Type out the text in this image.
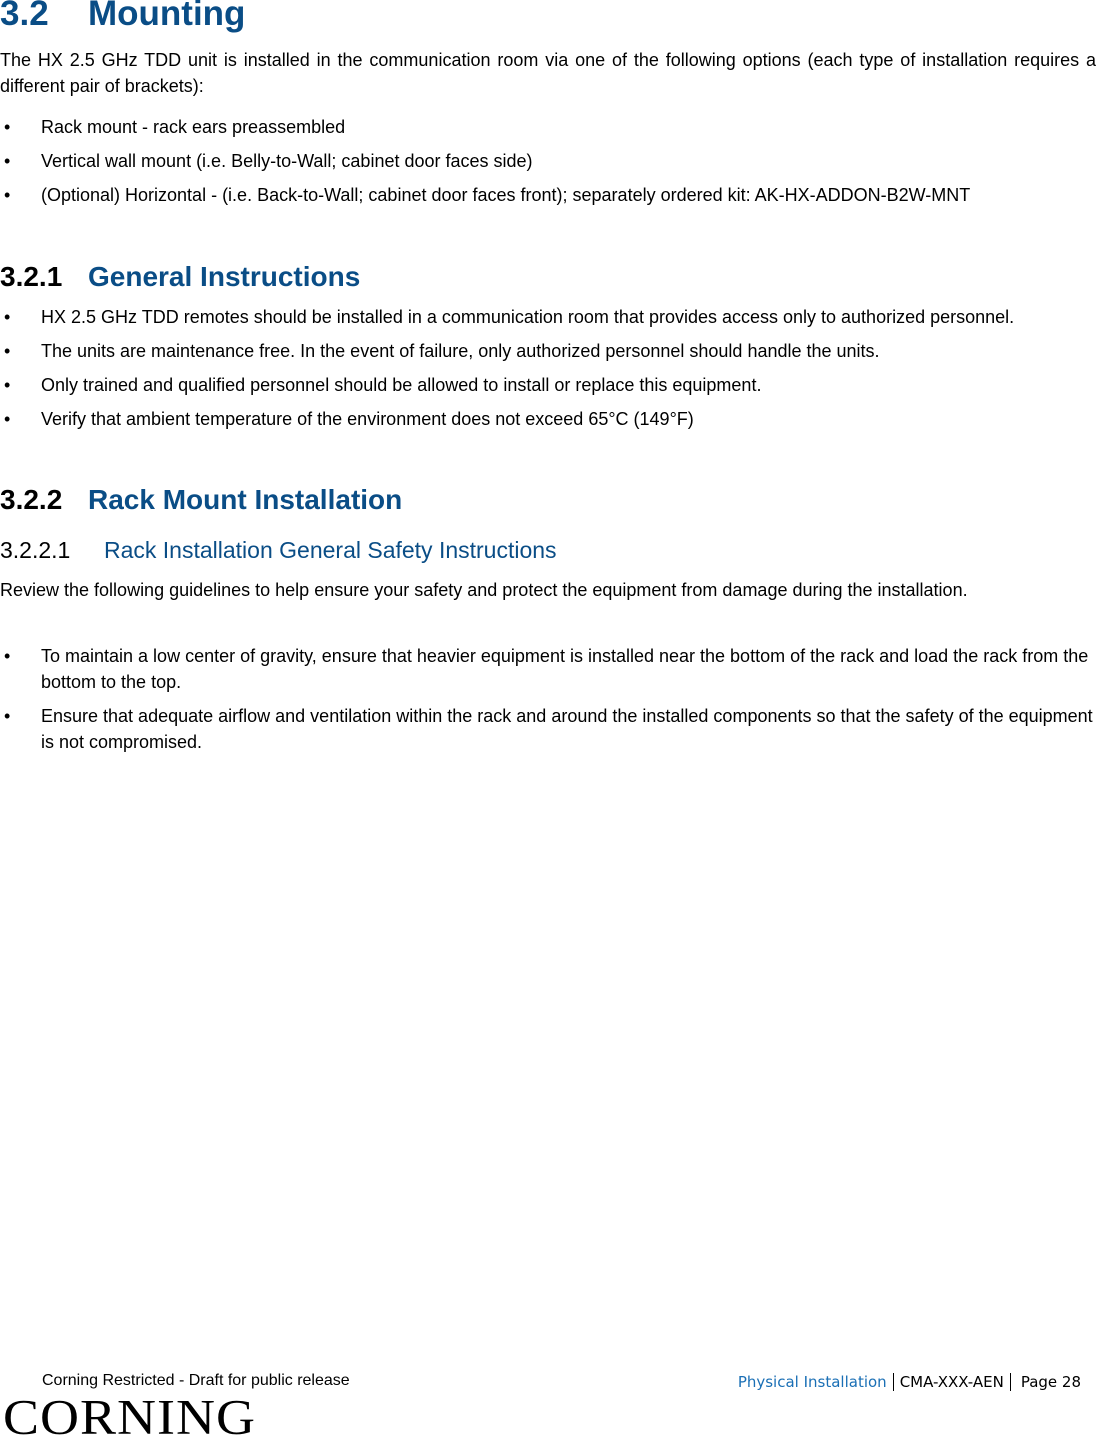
3.2 Mounting

The HX 2.5 GHz TDD unit is installed in the communication room via one of the following options (each type of installation requires a different pair of brackets):

• Rack mount - rack ears preassembled
• Vertical wall mount (i.e. Belly-to-Wall; cabinet door faces side)
• (Optional) Horizontal - (i.e. Back-to-Wall; cabinet door faces front); separately ordered kit: AK-HX-ADDON-B2W-MNT
3.2.1 General Instructions
• HX 2.5 GHz TDD remotes should be installed in a communication room that provides access only to authorized personnel.
• The units are maintenance free. In the event of failure, only authorized personnel should handle the units.
• Only trained and qualified personnel should be allowed to install or replace this equipment.
• Verify that ambient temperature of the environment does not exceed 65°C (149°F)
3.2.2 Rack Mount Installation
3.2.2.1 Rack Installation General Safety Instructions

Review the following guidelines to help ensure your safety and protect the equipment from damage during the installation.

• To maintain a low center of gravity, ensure that heavier equipment is installed near the bottom of the rack and load the rack from the bottom to the top.
• Ensure that adequate airflow and ventilation within the rack and around the installed components so that the safety of the equipment is not compromised.
Corning Restricted - Draft for public release	Physical Installation CMA-XXX-AEN	Page 28
CORNING
